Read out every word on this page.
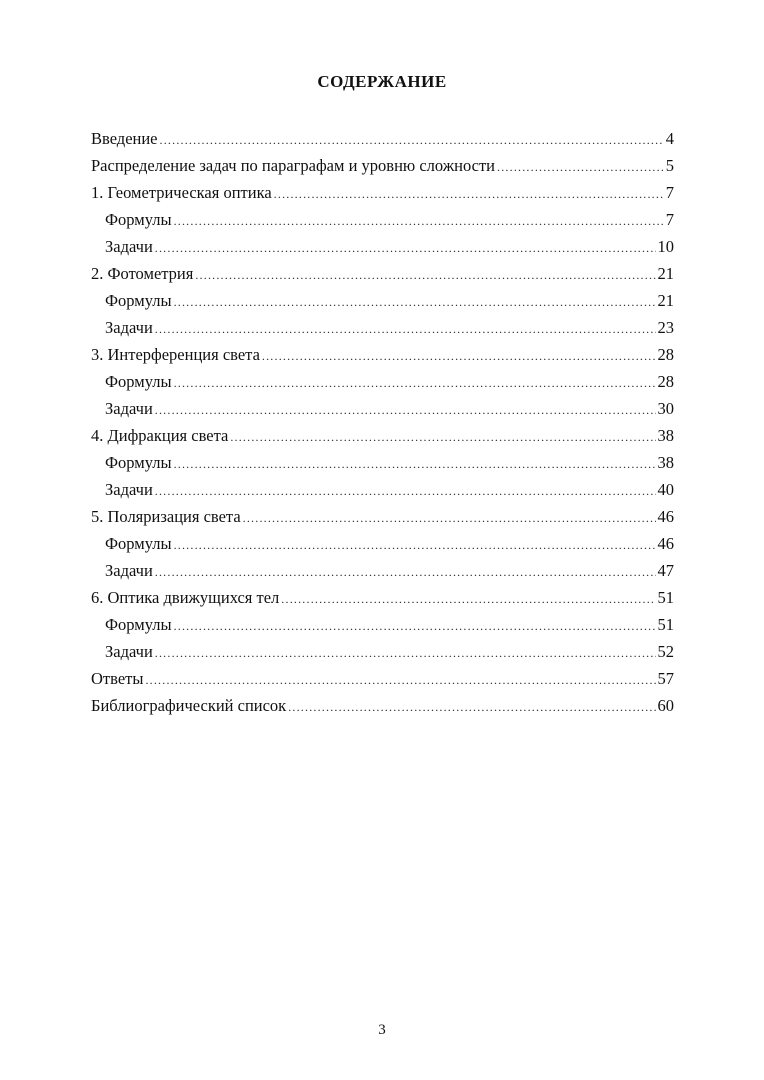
СОДЕРЖАНИЕ
Введение .....	4
Распределение задач по параграфам и уровню сложности .....	5
1. Геометрическая оптика .....	7
Формулы .....	7
Задачи .....	10
2. Фотометрия .....	21
Формулы .....	21
Задачи .....	23
3. Интерференция света .....	28
Формулы .....	28
Задачи .....	30
4. Дифракция света .....	38
Формулы .....	38
Задачи .....	40
5. Поляризация света .....	46
Формулы .....	46
Задачи .....	47
6. Оптика движущихся тел .....	51
Формулы .....	51
Задачи .....	52
Ответы .....	57
Библиографический список .....	60
3
